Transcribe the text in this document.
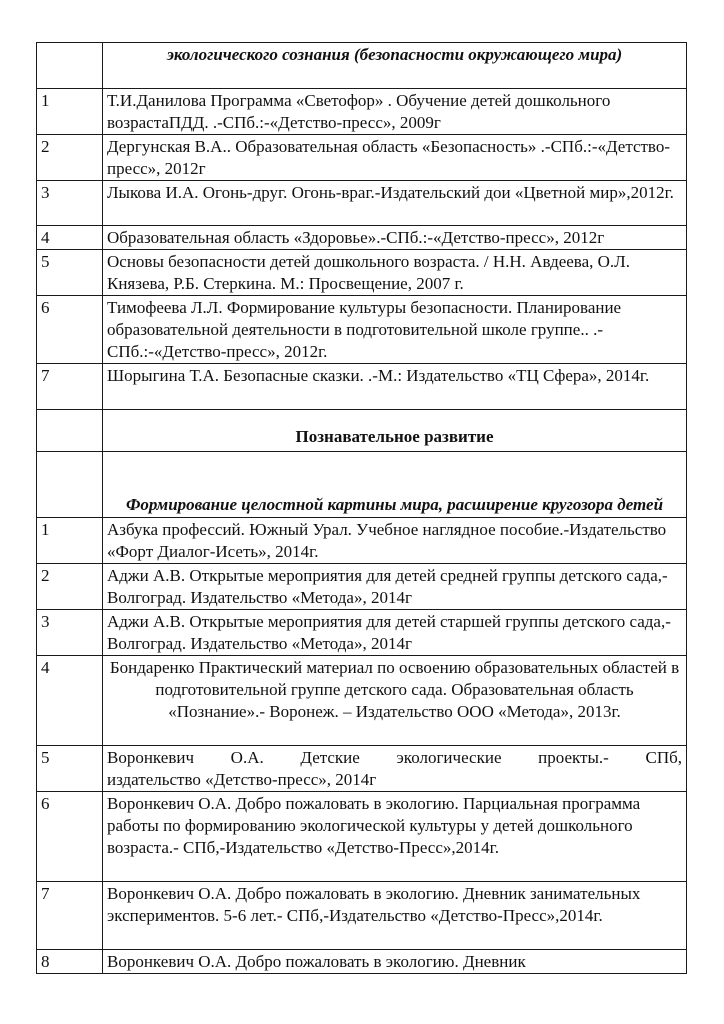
	экологического сознания (безопасности окружающего мира)
1	Т.И.Данилова Программа «Светофор» . Обучение детей дошкольного возрастаПДД. .-СПб.:-«Детство-пресс», 2009г
2	Дергунская В.А.. Образовательная область «Безопасность» .-СПб.:-«Детство-пресс», 2012г
3	Лыкова И.А. Огонь-друг. Огонь-враг.-Издательский дои «Цветной мир»,2012г.
4	Образовательная область «Здоровье».-СПб.:-«Детство-пресс», 2012г
5	Основы безопасности детей дошкольного возраста. / Н.Н. Авдеева, О.Л. Князева, Р.Б. Стеркина. М.: Просвещение, 2007 г.
6	Тимофеева Л.Л. Формирование культуры безопасности. Планирование образовательной деятельности в подготовительной школе группе.. .-СПб.:-«Детство-пресс», 2012г.
7	Шорыгина Т.А. Безопасные сказки. .-М.: Издательство «ТЦ Сфера», 2014г.
	Познавательное развитие
	Формирование целостной картины мира, расширение кругозора детей
1	Азбука профессий. Южный Урал. Учебное наглядное пособие.-Издательство «Форт Диалог-Исеть», 2014г.
2	Аджи А.В. Открытые мероприятия для детей средней группы детского сада,- Волгоград. Издательство «Метода», 2014г
3	Аджи А.В. Открытые мероприятия для детей старшей группы детского сада,- Волгоград. Издательство «Метода», 2014г
4	Бондаренко Практический материал по освоению образовательных областей в подготовительной группе детского сада. Образовательная область «Познание».- Воронеж. – Издательство ООО «Метода», 2013г.
5	Воронкевич О.А. Детские экологические проекты.- СПб,
издательство «Детство-пресс», 2014г

6	Воронкевич О.А. Добро пожаловать в экологию. Парциальная программа работы по формированию экологической культуры у детей дошкольного возраста.- СПб,-Издательство «Детство-Пресс»,2014г.
7	Воронкевич О.А. Добро пожаловать в экологию. Дневник занимательных экспериментов. 5-6 лет.- СПб,-Издательство «Детство-Пресс»,2014г.
8	Воронкевич О.А. Добро пожаловать в экологию. Дневник
